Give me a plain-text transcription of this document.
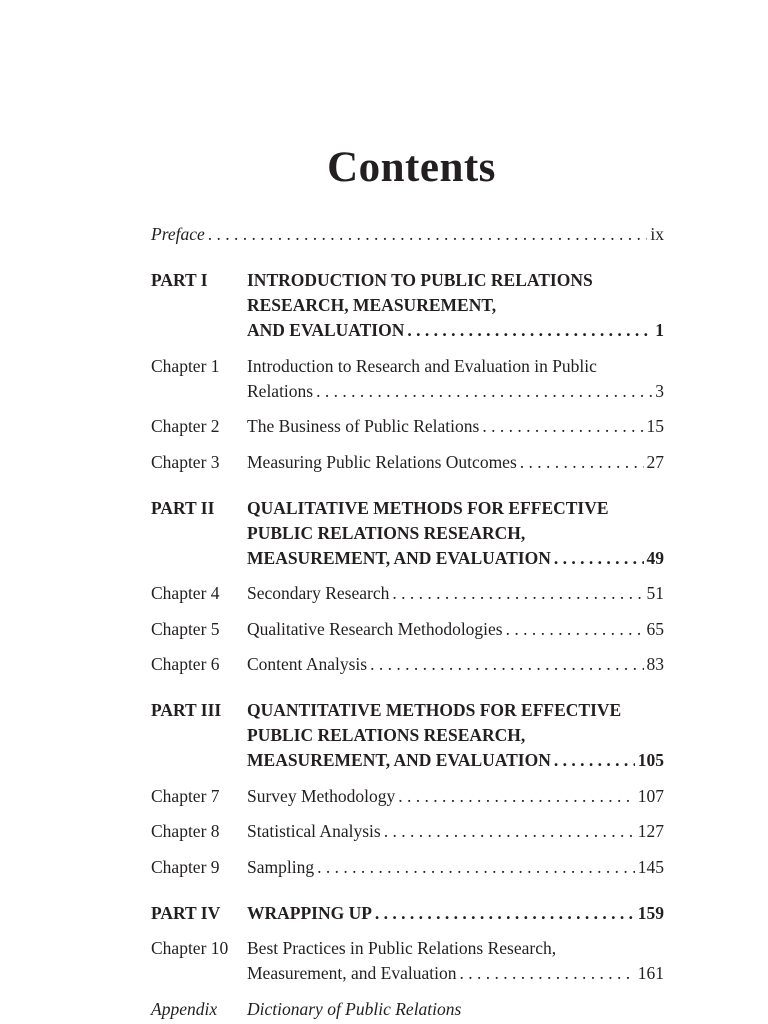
Contents
Preface . . .	ix
PART I	INTRODUCTION TO PUBLIC RELATIONS
RESEARCH, MEASUREMENT,
AND EVALUATION . . .	1
Chapter 1	Introduction to Research and Evaluation in Public
Relations . . .	3
Chapter 2	The Business of Public Relations . . .	15
Chapter 3	Measuring Public Relations Outcomes . . .	27
PART II	QUALITATIVE METHODS FOR EFFECTIVE
PUBLIC RELATIONS RESEARCH,
MEASUREMENT, AND EVALUATION . . .	49
Chapter 4	Secondary Research . . .	51
Chapter 5	Qualitative Research Methodologies . . .	65
Chapter 6	Content Analysis . . .	83
PART III	QUANTITATIVE METHODS FOR EFFECTIVE
PUBLIC RELATIONS RESEARCH,
MEASUREMENT, AND EVALUATION . . .	105
Chapter 7	Survey Methodology . . .	107
Chapter 8	Statistical Analysis . . .	127
Chapter 9	Sampling . . .	145
PART IV	WRAPPING UP . . .	159
Chapter 10	Best Practices in Public Relations Research,
Measurement, and Evaluation . . .	161
Appendix	Dictionary of Public Relations
